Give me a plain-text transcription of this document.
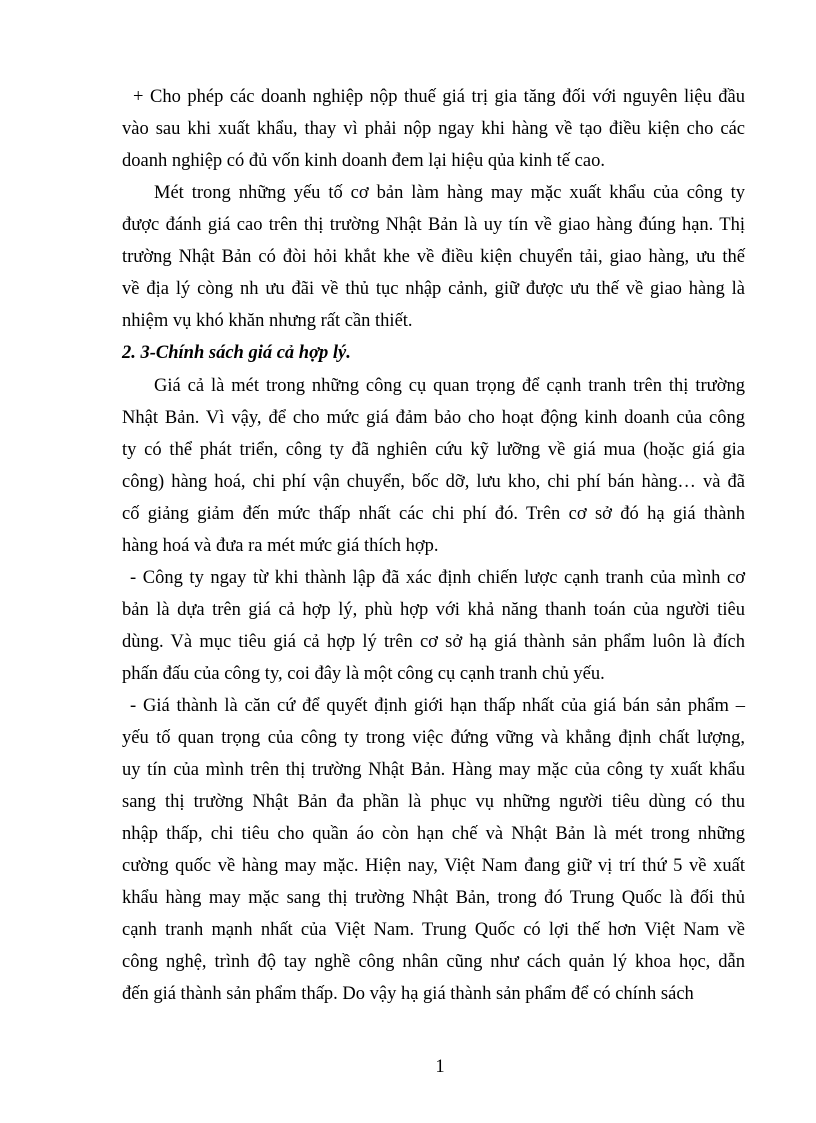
+ Cho phép các doanh nghiệp nộp thuế giá trị gia tăng đối với nguyên liệu đầu
vào sau khi xuất khẩu, thay vì phải nộp ngay khi hàng về tạo điều kiện cho các
doanh nghiệp có đủ vốn kinh doanh đem lại hiệu qủa kinh tế cao.
Mét trong những yếu tố cơ bản làm hàng may mặc xuất khẩu của công ty
được đánh giá cao trên thị trường Nhật Bản là uy tín về giao hàng đúng hạn. Thị
trường Nhật Bản có đòi hỏi khắt khe về điều kiện chuyển tải, giao hàng, ưu thế
về địa lý còng nh ưu đãi về thủ tục nhập cảnh, giữ được ưu thế về giao hàng là
nhiệm vụ khó khăn nhưng rất cần thiết.
2. 3-Chính sách giá cả hợp lý.
Giá cả là mét trong những công cụ quan trọng để cạnh tranh trên thị trường
Nhật Bản. Vì vậy, để cho mức giá đảm bảo cho hoạt động kinh doanh của công
ty có thể phát triển, công ty đã nghiên cứu kỹ lưỡng về giá mua (hoặc giá gia
công) hàng hoá, chi phí vận chuyển, bốc dỡ, lưu kho, chi phí bán hàng… và đã
cố giảng giảm đến mức thấp nhất các chi phí đó. Trên cơ sở đó hạ giá thành
hàng hoá và đưa ra mét mức giá thích hợp.
- Công ty ngay từ khi thành lập đã xác định chiến lược cạnh tranh của mình cơ
bản là dựa trên giá cả hợp lý, phù hợp với khả năng thanh toán của người tiêu
dùng. Và mục tiêu giá cả hợp lý trên cơ sở hạ giá thành sản phẩm luôn là đích
phấn đấu của công ty, coi đây là một công cụ cạnh tranh chủ yếu.
- Giá thành là căn cứ để quyết định giới hạn thấp nhất của giá bán sản phẩm –
yếu tố quan trọng của công ty trong việc đứng vững và khẳng định chất lượng,
uy tín của mình trên thị trường Nhật Bản. Hàng may mặc của công ty xuất khẩu
sang thị trường Nhật Bản đa phần là phục vụ những người tiêu dùng có thu
nhập thấp, chi tiêu cho quần áo còn hạn chế và Nhật Bản là mét trong những
cường quốc về hàng may mặc. Hiện nay, Việt Nam đang giữ vị trí thứ 5 về xuất
khẩu hàng may mặc sang thị trường Nhật Bản, trong đó Trung Quốc là đối thủ
cạnh tranh mạnh nhất của Việt Nam. Trung Quốc có lợi thế hơn Việt Nam về
công nghệ, trình độ tay nghề công nhân cũng như cách quản lý khoa học, dẫn
đến giá thành sản phẩm thấp. Do vậy hạ giá thành sản phẩm để có chính sách
1
